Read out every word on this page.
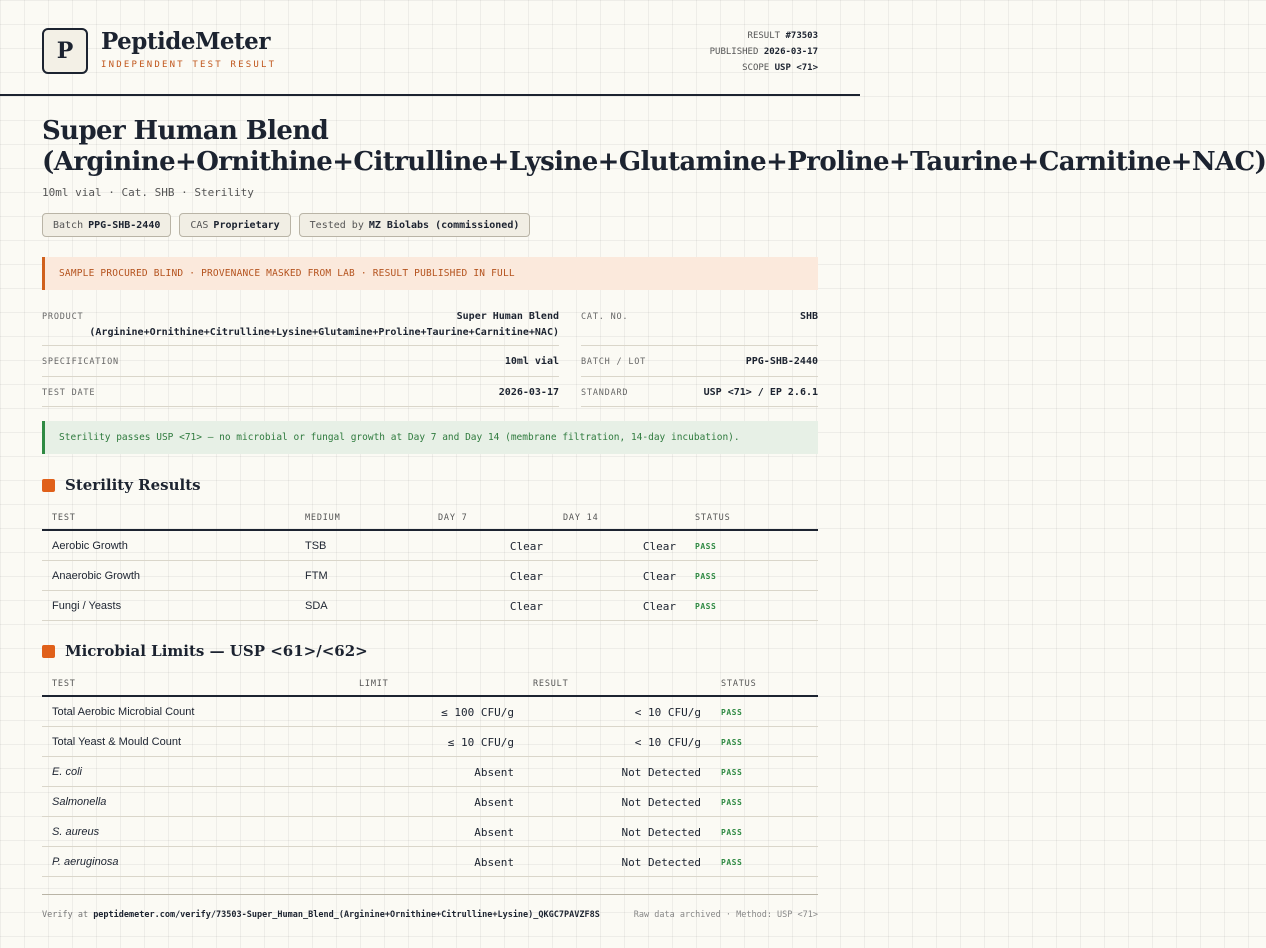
P	PeptideMeter
INDEPENDENT TEST RESULT
RESULT #73503
PUBLISHED 2026-03-17
SCOPE USP <71>
Super Human Blend
(Arginine+Ornithine+Citrulline+Lysine+Glutamine+Proline+Taurine+Carnitine+NAC)
10ml vial · Cat. SHB · Sterility
Batch PPG-SHB-2440	CAS Proprietary	Tested by MZ Biolabs (commissioned)
SAMPLE PROCURED BLIND · PROVENANCE MASKED FROM LAB · RESULT PUBLISHED IN FULL
PRODUCT	Super Human Blend
(Arginine+Ornithine+Citrulline+Lysine+Glutamine+Proline+Taurine+Carnitine+NAC)
CAT. NO.	SHB
SPECIFICATION	10ml vial	BATCH / LOT	PPG-SHB-2440
TEST DATE	2026-03-17	STANDARD	USP <71> / EP 2.6.1
Sterility passes USP <71> — no microbial or fungal growth at Day 7 and Day 14 (membrane filtration, 14-day incubation).
Sterility Results
TEST	MEDIUM	DAY 7	DAY 14	STATUS
Aerobic Growth	TSB	Clear	Clear PASS
Anaerobic Growth	FTM	Clear	Clear PASS
Fungi / Yeasts	SDA	Clear	Clear PASS
Microbial Limits — USP <61>/<62>
TEST	LIMIT	RESULT	STATUS
Total Aerobic Microbial Count	≤ 100 CFU/g	< 10 CFU/g	PASS
Total Yeast & Mould Count	≤ 10 CFU/g	< 10 CFU/g	PASS
E. coli	Absent	Not Detected	PASS
Salmonella	Absent	Not Detected	PASS
S. aureus	Absent	Not Detected	PASS
P. aeruginosa	Absent	Not Detected	PASS
Verify at peptidemeter.com/verify/73503-Super_Human_Blend_(Arginine+Ornithine+Citrulline+Lysine)_QKGC7PAVZF8S	Raw data archived · Method: USP <71>
